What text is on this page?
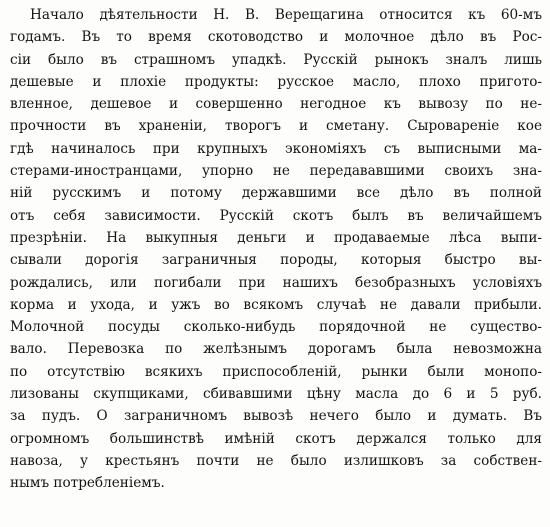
Начало дѣятельности Н. В. Верещагина относится къ 60-мъ
годамъ. Въ то время скотоводство и молочное дѣло въ Рос-
сіи было въ страшномъ упадкѣ. Русскій рынокъ зналъ лишь
дешевые и плохіе продукты: русское масло, плохо пригото-
вленное, дешевое и совершенно негодное къ вывозу по не-
прочности въ храненіи, творогъ и сметану. Сыровареніе кое
гдѣ начиналось при крупныхъ экономіяхъ съ выписными ма-
стерами-иностранцами, упорно не передававшими своихъ зна-
ній русскимъ и потому державшими все дѣло въ полной
отъ себя зависимости. Русскій скотъ былъ въ величайшемъ
презрѣніи. На выкупныя деньги и продаваемые лѣса выпи-
сывали дорогія заграничныя породы, которыя быстро вы-
рождались, или погибали при нашихъ безобразныхъ условіяхъ
корма и ухода, и ужъ во всякомъ случаѣ не давали прибыли.
Молочной посуды сколько-нибудь порядочной не существо-
вало. Перевозка по желѣзнымъ дорогамъ была невозможна
по отсутствію всякихъ приспособленій, рынки были монопо-
лизованы скупщиками, сбивавшими цѣну масла до 6 и 5 руб.
за пудъ. О заграничномъ вывозѣ нечего было и думать. Въ
огромномъ большинствѣ имѣній скотъ держался только для
навоза, у крестьянъ почти не было излишковъ за собствен-
нымъ потребленіемъ.
